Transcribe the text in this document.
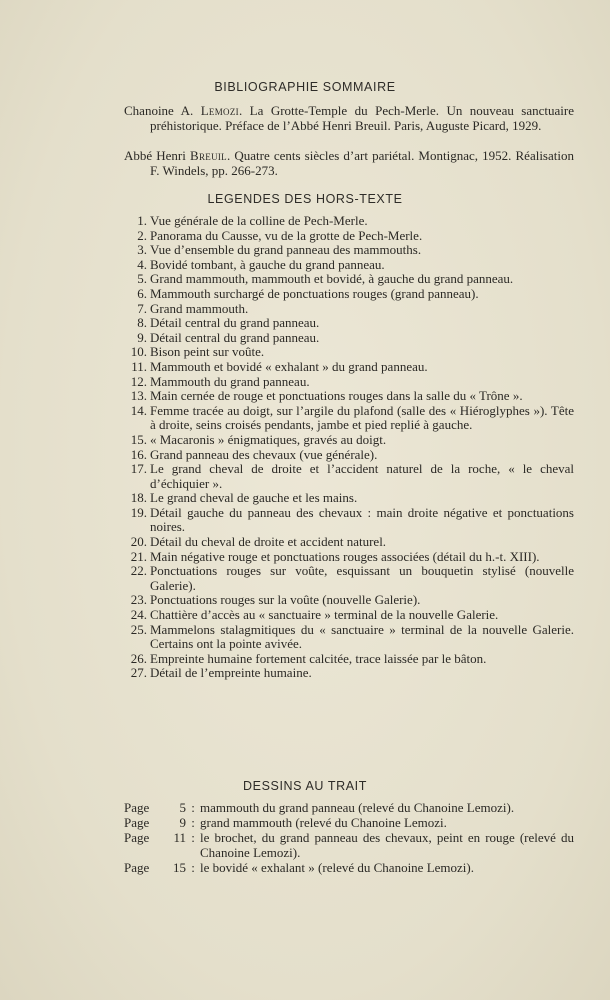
BIBLIOGRAPHIE SOMMAIRE
Chanoine A. Lemozi. La Grotte-Temple du Pech-Merle. Un nouveau sanctuaire préhistorique. Préface de l’Abbé Henri Breuil. Paris, Auguste Picard, 1929.
Abbé Henri Breuil. Quatre cents siècles d’art pariétal. Montignac, 1952. Réalisation F. Windels, pp. 266-273.
LEGENDES DES HORS-TEXTE
1. Vue générale de la colline de Pech-Merle.
2. Panorama du Causse, vu de la grotte de Pech-Merle.
3. Vue d’ensemble du grand panneau des mammouths.
4. Bovidé tombant, à gauche du grand panneau.
5. Grand mammouth, mammouth et bovidé, à gauche du grand panneau.
6. Mammouth surchargé de ponctuations rouges (grand panneau).
7. Grand mammouth.
8. Détail central du grand panneau.
9. Détail central du grand panneau.
10. Bison peint sur voûte.
11. Mammouth et bovidé « exhalant » du grand panneau.
12. Mammouth du grand panneau.
13. Main cernée de rouge et ponctuations rouges dans la salle du « Trône ».
14. Femme tracée au doigt, sur l’argile du plafond (salle des « Hiéroglyphes »). Tête à droite, seins croisés pendants, jambe et pied replié à gauche.
15. « Macaronis » énigmatiques, gravés au doigt.
16. Grand panneau des chevaux (vue générale).
17. Le grand cheval de droite et l’accident naturel de la roche, « le cheval d’échiquier ».
18. Le grand cheval de gauche et les mains.
19. Détail gauche du panneau des chevaux : main droite négative et ponctuations noires.
20. Détail du cheval de droite et accident naturel.
21. Main négative rouge et ponctuations rouges associées (détail du h.-t. XIII).
22. Ponctuations rouges sur voûte, esquissant un bouquetin stylisé (nouvelle Galerie).
23. Ponctuations rouges sur la voûte (nouvelle Galerie).
24. Chattière d’accès au « sanctuaire » terminal de la nouvelle Galerie.
25. Mammelons stalagmitiques du « sanctuaire » terminal de la nouvelle Galerie. Certains ont la pointe avivée.
26. Empreinte humaine fortement calcitée, trace laissée par le bâton.
27. Détail de l’empreinte humaine.
DESSINS AU TRAIT
Page	5 : mammouth du grand panneau (relevé du Chanoine Lemozi).
Page	9 : grand mammouth (relevé du Chanoine Lemozi.
Page	11 : le brochet, du grand panneau des chevaux, peint en rouge (relevé du Chanoine Lemozi).
Page	15 : le bovidé « exhalant » (relevé du Chanoine Lemozi).
